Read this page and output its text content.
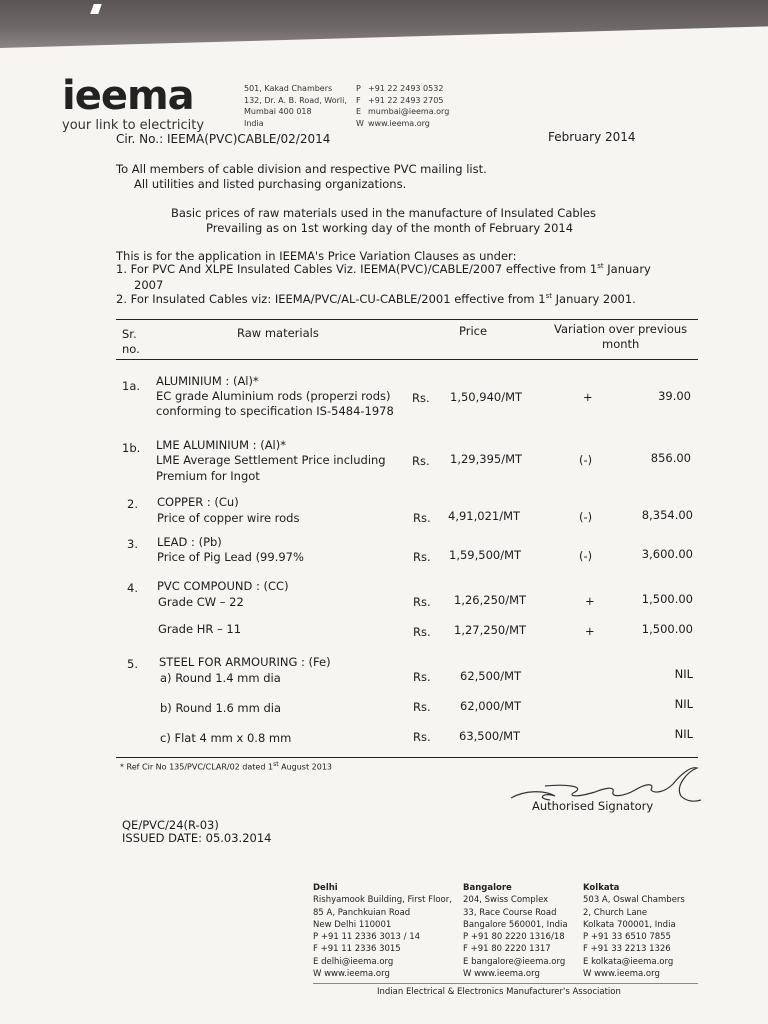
ieema
your link to electricity
501, Kakad Chambers
132, Dr. A. B. Road, Worli,
Mumbai 400 018
India
P +91 22 2493 0532
F +91 22 2493 2705
E mumbai@ieema.org
W www.ieema.org
Cir. No.: IEEMA(PVC)CABLE/02/2014	February 2014
To All members of cable division and respective PVC mailing list.
All utilities and listed purchasing organizations.
Basic prices of raw materials used in the manufacture of Insulated Cables
Prevailing as on 1st working day of the month of February 2014
This is for the application in IEEMA's Price Variation Clauses as under:
1. For PVC And XLPE Insulated Cables Viz. IEEMA(PVC)/CABLE/2007 effective from 1st January
2007
2. For Insulated Cables viz: IEEMA/PVC/AL-CU-CABLE/2001 effective from 1st January 2001.
Sr.
no.
Raw materials	Price	Variation over previous
month
1a. ALUMINIUM : (Al)*
EC grade Aluminium rods (properzi rods)
conforming to specification IS-5484-1978
Rs. 1,50,940/MT	+	39.00
1b. LME ALUMINIUM : (Al)*
LME Average Settlement Price including
Premium for Ingot
Rs. 1,29,395/MT	(-)	856.00
2. COPPER : (Cu)
Price of copper wire rods	Rs. 4,91,021/MT	(-)	8,354.00
3. LEAD : (Pb)
Price of Pig Lead (99.97%	Rs. 1,59,500/MT	(-)	3,600.00
4. PVC COMPOUND : (CC)
Grade CW – 22	Rs. 1,26,250/MT	+	1,500.00
Grade HR – 11	Rs. 1,27,250/MT	+	1,500.00
5. STEEL FOR ARMOURING : (Fe)
a) Round 1.4 mm dia	Rs.	62,500/MT	NIL
b) Round 1.6 mm dia	Rs.	62,000/MT	NIL
c) Flat 4 mm x 0.8 mm	Rs. 63,500/MT	NIL
* Ref Cir No 135/PVC/CLAR/02 dated 1st August 2013
Authorised Signatory
QE/PVC/24(R-03)
ISSUED DATE: 05.03.2014
Delhi
Rishyamook Building, First Floor,
85 A, Panchkuian Road
New Delhi 110001
P +91 11 2336 3013 / 14
F +91 11 2336 3015
E delhi@ieema.org
W www.ieema.org
Bangalore
204, Swiss Complex
33, Race Course Road
Bangalore 560001, India
P +91 80 2220 1316/18
F +91 80 2220 1317
E bangalore@ieema.org
W www.ieema.org
Kolkata
503 A, Oswal Chambers
2, Church Lane
Kolkata 700001, India
P +91 33 6510 7855
F +91 33 2213 1326
E kolkata@ieema.org
W www.ieema.org
Indian Electrical & Electronics Manufacturer's Association
